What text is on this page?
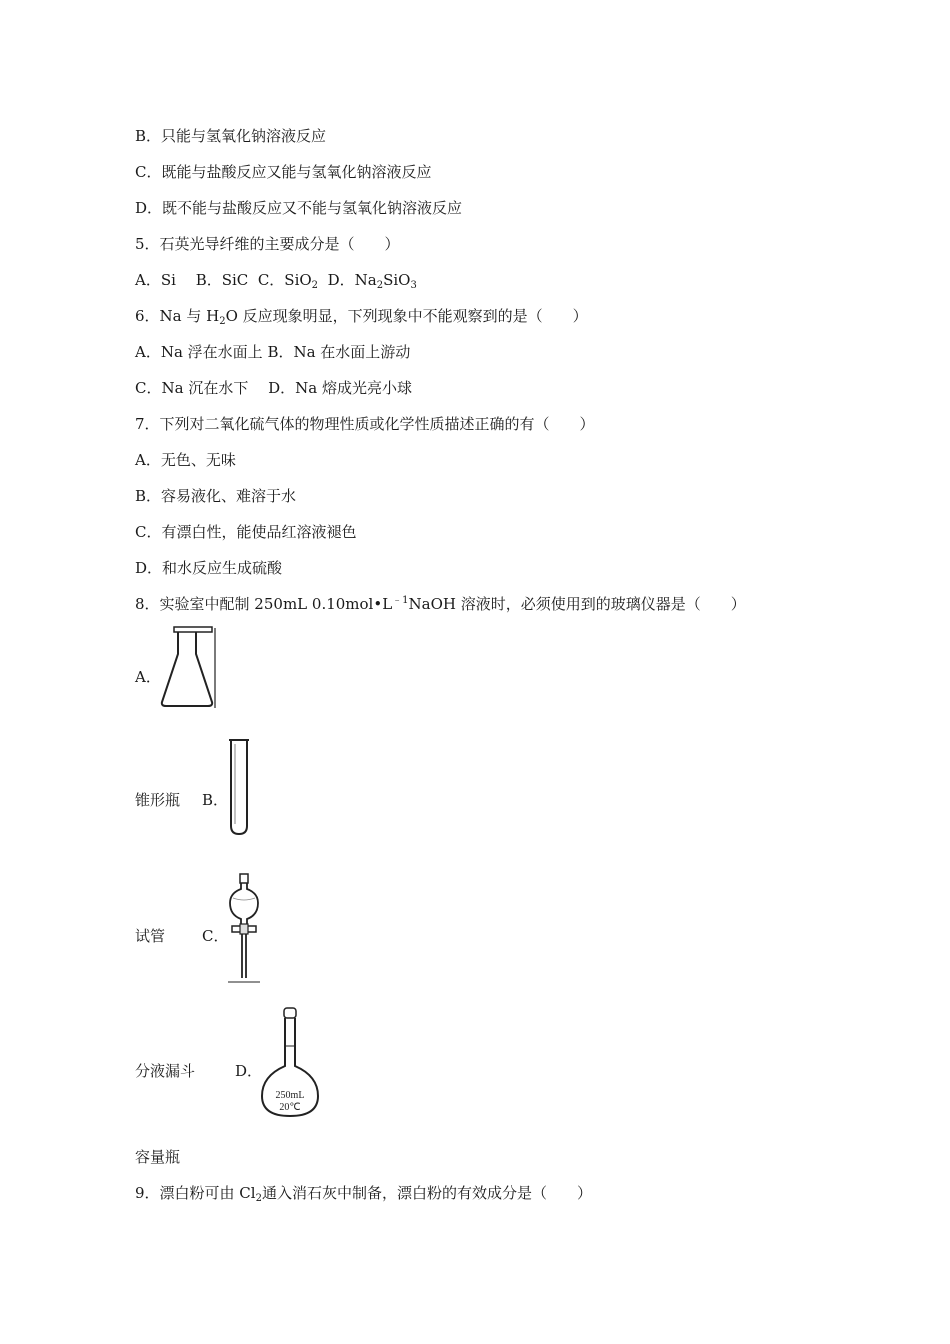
B．只能与氢氧化钠溶液反应
C．既能与盐酸反应又能与氢氧化钠溶液反应
D．既不能与盐酸反应又不能与氢氧化钠溶液反应
5．石英光导纤维的主要成分是（　　）
A．Si　 B．SiC C．SiO$_2$ D．$Na_2SiO_3$
6．Na 与 $H_2O$ 反应现象明显，下列现象中不能观察到的是（　　）
A．Na 浮在水面上 B．Na 在水面上游动
C．Na 沉在水下　 D．Na 熔成光亮小球
7．下列对二氧化硫气体的物理性质或化学性质描述正确的有（　　）
A．无色、无味
B．容易液化、难溶于水
C．有漂白性，能使品红溶液褪色
D．和水反应生成硫酸
8．实验室中配制 250mL $0.10mol•L^{﹣1}NaOH$ 溶液时，必须使用到的玻璃仪器是（　　）
A．
锥形瓶 B．
试管 C．
分液漏斗	D．
250mL
20℃
容量瓶
9．漂白粉可由 $Cl_2$通入消石灰中制备，漂白粉的有效成分是（　　）
